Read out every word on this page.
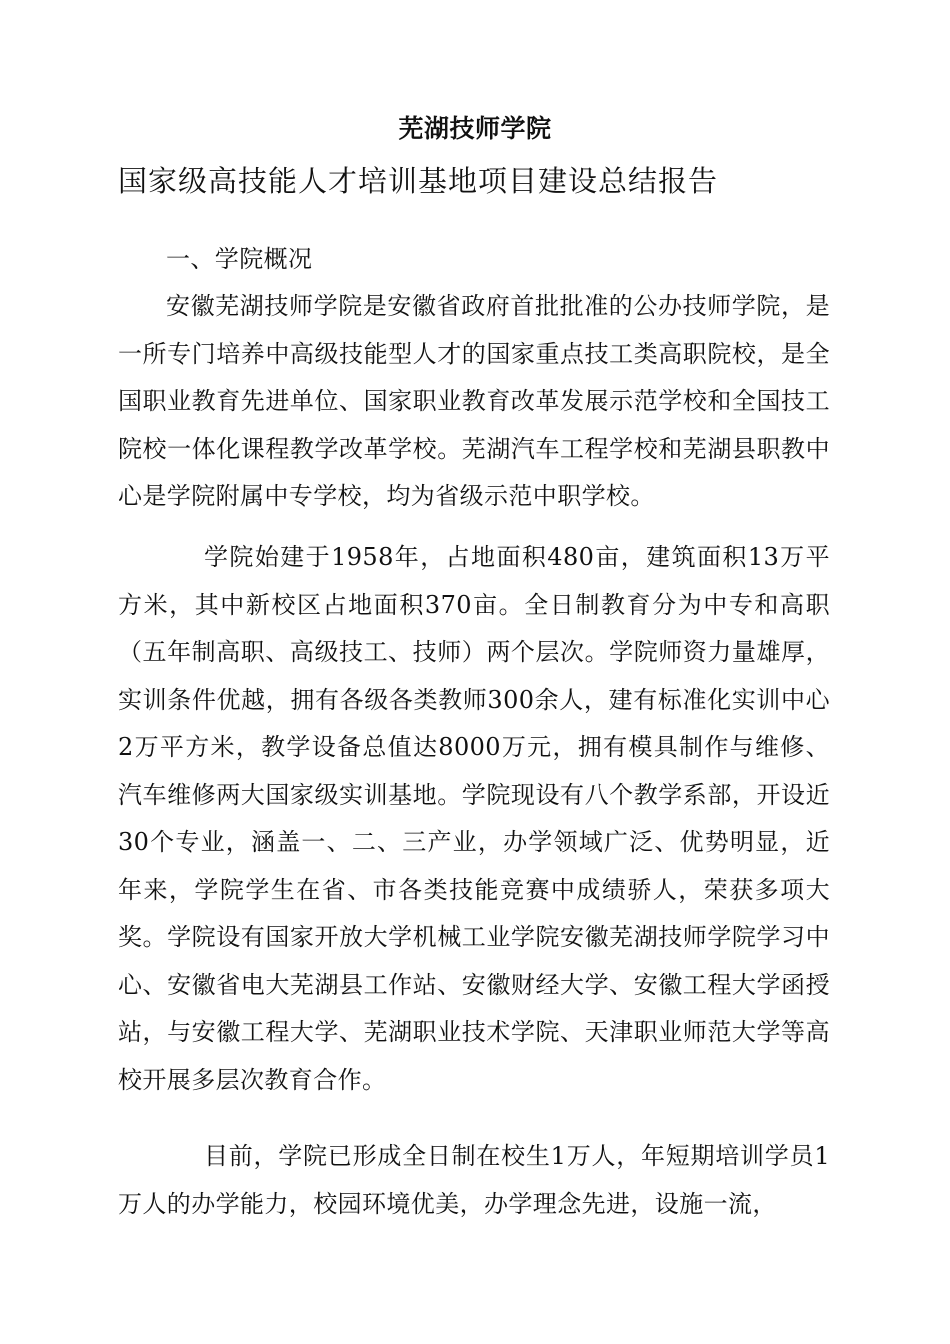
芜湖技师学院
国家级高技能人才培训基地项目建设总结报告

一、学院概况

安徽芜湖技师学院是安徽省政府首批批准的公办技师学院，是一所专门培养中高级技能型人才的国家重点技工类高职院校，是全国职业教育先进单位、国家职业教育改革发展示范学校和全国技工院校一体化课程教学改革学校。芜湖汽车工程学校和芜湖县职教中心是学院附属中专学校，均为省级示范中职学校。

学院始建于1958年，占地面积480亩，建筑面积13万平方米，其中新校区占地面积370亩。全日制教育分为中专和高职（五年制高职、高级技工、技师）两个层次。学院师资力量雄厚，实训条件优越，拥有各级各类教师300余人，建有标准化实训中心2万平方米，教学设备总值达8000万元，拥有模具制作与维修、汽车维修两大国家级实训基地。学院现设有八个教学系部，开设近30个专业，涵盖一、二、三产业，办学领域广泛、优势明显，近年来，学院学生在省、市各类技能竞赛中成绩骄人，荣获多项大奖。学院设有国家开放大学机械工业学院安徽芜湖技师学院学习中心、安徽省电大芜湖县工作站、安徽财经大学、安徽工程大学函授站，与安徽工程大学、芜湖职业技术学院、天津职业师范大学等高校开展多层次教育合作。

目前，学院已形成全日制在校生1万人，年短期培训学员1万人的办学能力，校园环境优美，办学理念先进，设施一流，
